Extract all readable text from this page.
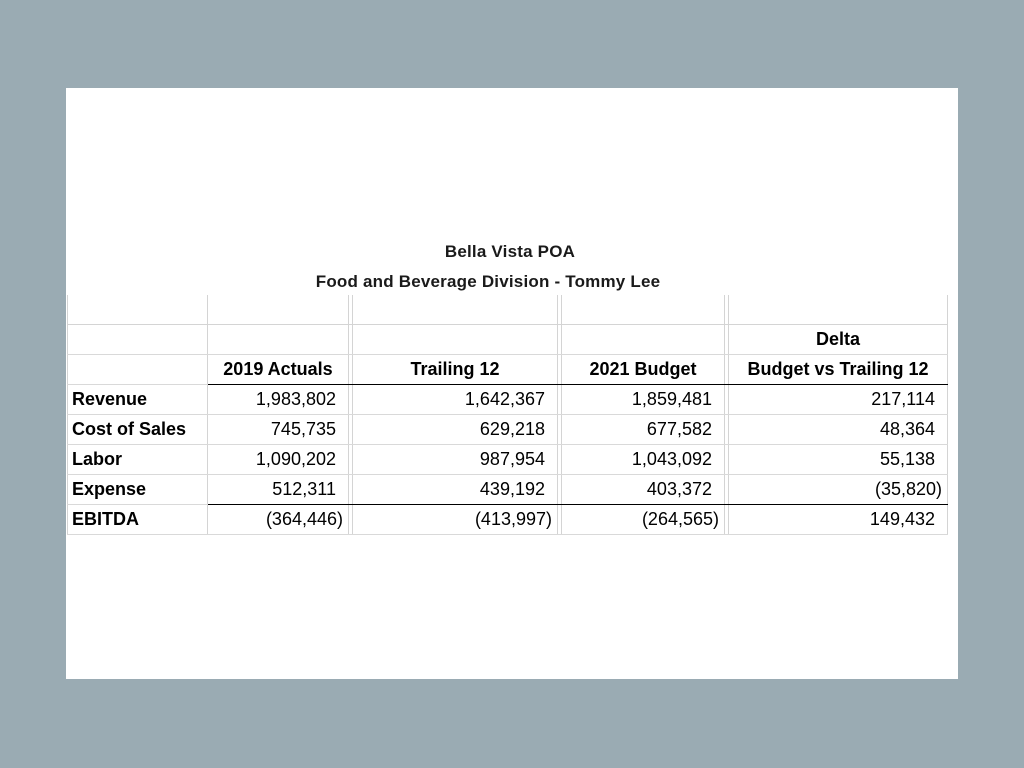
Bella Vista POA
Food and Beverage Division - Tommy Lee

							Delta
	2019 Actuals		Trailing 12		2021 Budget		Budget vs Trailing 12
Revenue	1,983,802		1,642,367		1,859,481		217,114
Cost of Sales	745,735		629,218		677,582		48,364
Labor	1,090,202		987,954		1,043,092		55,138
Expense	512,311		439,192		403,372		(35,820)
EBITDA	(364,446)		(413,997)		(264,565)		149,432
